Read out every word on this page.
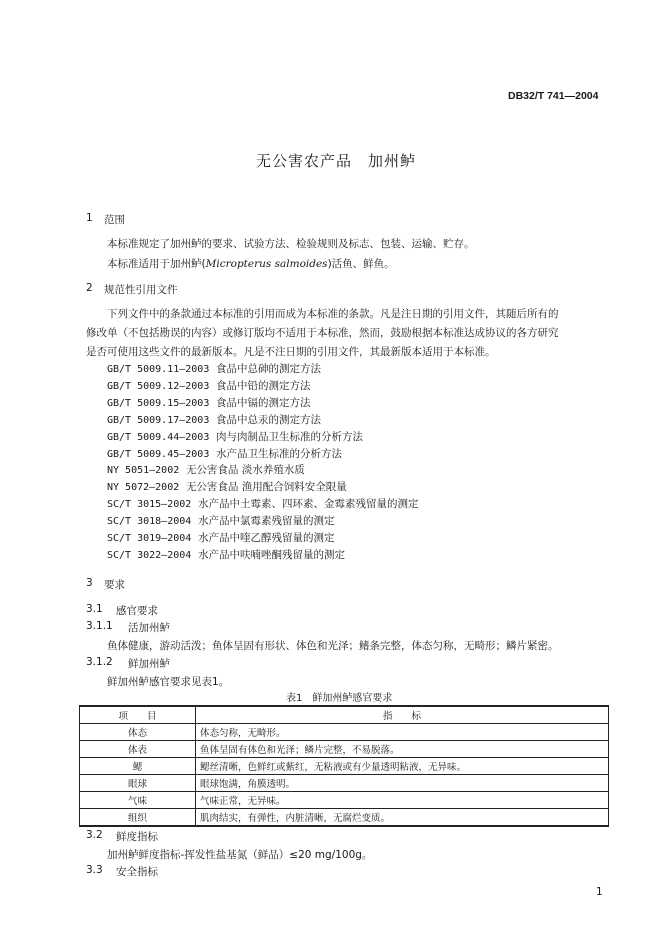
DB32/T 741—2004
无公害农产品　加州鲈
1 范围
本标准规定了加州鲈的要求、试验方法、检验规则及标志、包装、运输、贮存。
本标准适用于加州鲈(Micropterus salmoides)活鱼、鲜鱼。
2 规范性引用文件
下列文件中的条款通过本标准的引用而成为本标准的条款。凡是注日期的引用文件，其随后所有的
修改单（不包括勘误的内容）或修订版均不适用于本标准，然而，鼓励根据本标准达成协议的各方研究
是否可使用这些文件的最新版本。凡是不注日期的引用文件，其最新版本适用于本标准。
GB/T 5009.11—2003 食品中总砷的测定方法
GB/T 5009.12—2003 食品中铅的测定方法
GB/T 5009.15—2003 食品中镉的测定方法
GB/T 5009.17—2003 食品中总汞的测定方法
GB/T 5009.44—2003 肉与肉制品卫生标准的分析方法
GB/T 5009.45—2003 水产品卫生标准的分析方法
NY 5051—2002 无公害食品 淡水养殖水质
NY 5072—2002 无公害食品 渔用配合饲料安全限量
SC/T 3015—2002 水产品中土霉素、四环素、金霉素残留量的测定
SC/T 3018—2004 水产品中氯霉素残留量的测定
SC/T 3019—2004 水产品中喹乙醇残留量的测定
SC/T 3022—2004 水产品中呋喃唑酮残留量的测定
3 要求
3.1 感官要求
3.1.1 活加州鲈
鱼体健康，游动活泼；鱼体呈固有形状、体色和光泽；鳍条完整，体态匀称，无畸形；鳞片紧密。
3.1.2 鲜加州鲈
鲜加州鲈感官要求见表1。
表1　鲜加州鲈感官要求
项　　目	指　　标
体态	体态匀称，无畸形。
体表	鱼体呈固有体色和光泽；鳞片完整，不易脱落。
鳃	鳃丝清晰，色鲜红或紫红，无粘液或有少量透明粘液，无异味。
眼球	眼球饱满，角膜透明。
气味	气味正常，无异味。
组织	肌肉结实，有弹性，内脏清晰，无腐烂变质。
3.2 鲜度指标
加州鲈鲜度指标-挥发性盐基氮（鲜品）≤20 mg/100g。
3.3 安全指标
1
